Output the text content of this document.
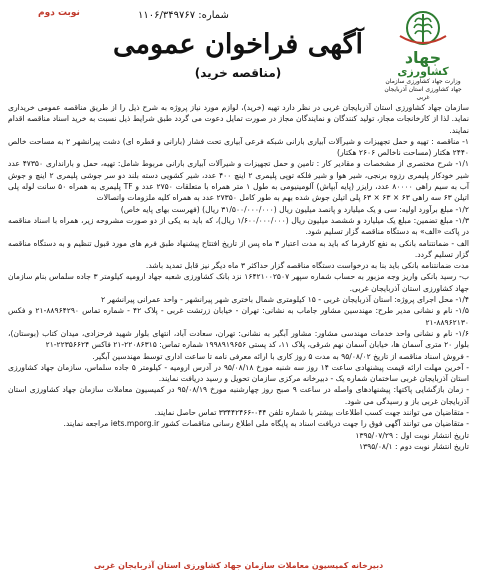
نوبت دوم	شماره: ۱۱۰۶/۳۴۹۷۶۷
جهاد
کشاورزی
وزارت جهاد کشاورزی سازمان جهاد کشاورزی استان آذربایجان غربی
آگهی فراخوان عمومی
(مناقصه خرید)

سازمان جهاد کشاورزی استان آذربایجان غربی در نظر دارد تهیه (خرید)، لوازم مورد نیاز پروژه به شرح ذیل را از طریق مناقصه عمومی خریداری نماید. لذا از کارخانجات مجاز، تولید کنندگان و نمایندگان مجاز در صورت تمایل دعوت می گردد طبق شرایط ذیل نسبت به خرید اسناد مناقصه اقدام نمایند.

۱- مناقصه : تهیه و حمل تجهیزات و شیرآلات آبیاری بارانی شبکه فرعی آبیاری تحت فشار (بارانی و قطره ای) دشت پیرانشهر ۲ به مساحت خالص ۲۴۴۰ هکتار (مساحت ناخالص ۲۶۰۶ هکتار)

۱/۱- شرح مختصری از مشخصات و مقادیر کار : تامین و حمل تجهیزات و شیرآلات آبیاری بارانی مربوط شامل: تهیه، حمل و بارانداری ۴۷۳۵۰ عدد شیر خودکار پلیمری رزوه برنجی، شیر هوا و شیر فلکه توپی پلیمری ۲ اینچ ۴۰۰ عدد، شیر کشویی دسته بلند دو سر جوشی پلیمری ۲ اینچ و جوش آب به سیم راهی ۸۰۰۰۰ عدد، رایزر (پایه آبپاش) آلومینیومی به طول ۱ متر همراه با متعلقات ۲۷۵۰ عدد و TF پلیمری به همراه ۵۰ سانت لوله پلی اتیلن ۶۳ سه راهی ۶۳ × ۶۳ × ۶۳ پلی اتیلن جوش شده بهم به طور کامل ۲۷۳۵۰ عدد به همراه کلیه ملزومات واتصالات

۱/۲- مبلغ برآورد اولیه: سی و یک میلیارد و پانصد میلیون ریال (۳۱/۵۰۰/۰۰۰/۰۰۰ ریال) (فهرست بهای پایه خاص)

۱/۳- مبلغ تضمین: مبلغ یک میلیارد و ششصد میلیون ریال (۱/۶۰۰/۰۰۰/۰۰۰ ریال)، که باید به یکی از دو صورت مشروحه زیر، همراه با اسناد مناقصه در پاکت «الف» به دستگاه مناقصه گزار تسلیم شود.

الف - ضمانتنامه بانکی به نفع کارفرما که باید به مدت اعتبار ۳ ماه پس از تاریخ افتتاح پیشنهاد طبق فرم های مورد قبول تنظیم و به دستگاه مناقصه گزار تسلیم گردد.

مدت ضمانتنامه بانکی باید بنا به درخواست دستگاه مناقصه گزار حداکثر ۳ ماه دیگر نیز قابل تمدید باشد.

ب- رسید بانکی واریز وجه مزبور به حساب شماره سپهر ۱۶۴۲۱۰۰۲۵۰۷ نزد بانک کشاورزی شعبه جهاد ارومیه کیلومتر ۳ جاده سلماس بنام سازمان جهاد کشاورزی استان آذربایجان غربی.

۱/۴- محل اجرای پروژه: استان آذربایجان غربی - ۱۵ کیلومتری شمال باختری شهر پیرانشهر - واحد عمرانی پیرانشهر ۲

۱/۵- نام و نشانی مدیر طرح: مهندسین مشاور جاماب به نشانی: تهران - خیابان زرتشت غربی - پلاک ۴۲ - شماره تماس ۸۸۹۶۴۲۹۰-۲۱ و فکس ۸۸۹۶۲۱۳۰-۲۱

۱/۶- نام و نشانی واحد خدمات مهندسی مشاور: مشاور آبگیر به نشانی: تهران، سعادت آباد، انتهای بلوار شهید فرحزادی، میدان کتاب (بوستان)، بلوار ۲۰ متری آسمان ها، خیابان آسمان نهم شرقی، پلاک ۱۱، کد پستی ۱۹۹۸۹۱۹۶۵۶ شماره تماس: ۲۲۰۸۶۳۱۵-۲۱ فاکس ۲۲۳۵۶۶۲۴-۲۱

- فروش اسناد مناقصه از تاریخ ۹۵/۰۸/۰۲ به مدت ۵ روز کاری با ارائه معرفی نامه تا ساعت اداری توسط مهندسین آبگیر.

- آخرین مهلت ارائه قیمت پیشنهادی ساعت ۱۴ روز سه شنبه مورخ ۹۵/۰۸/۱۸ در آدرس ارومیه - کیلومتر ۵ جاده سلماس، سازمان جهاد کشاورزی استان آذربایجان غربی ساختمان شماره یک - دبیرخانه مرکزی سازمان تحویل و رسید دریافت نمایند.

- زمان بازگشایی پاکتها: پیشنهادهای واصله در ساعت ۹ صبح روز چهارشنبه مورخ ۹۵/۰۸/۱۹ در کمیسیون معاملات سازمان جهاد کشاورزی استان آذربایجان غربی باز و رسیدگی می شود.

- متقاضیان می توانند جهت کسب اطلاعات بیشتر با شماره تلفن ۰۴۴-۳۳۴۴۲۴۶۶ تماس حاصل نمایند.

- متقاضیان می توانند آگهی فوق را جهت دریافت اسناد به پایگاه ملی اطلاع رسانی مناقصات کشور iets.mporg.ir مراجعه نمایند.

تاریخ انتشار نوبت اول : ۱۳۹۵/۰۷/۲۹

تاریخ انتشار نوبت دوم : ۱۳۹۵/۰۸/۱

دبیرخانه کمیسیون معاملات سازمان جهاد کشاورزی استان آذربایجان غربی
